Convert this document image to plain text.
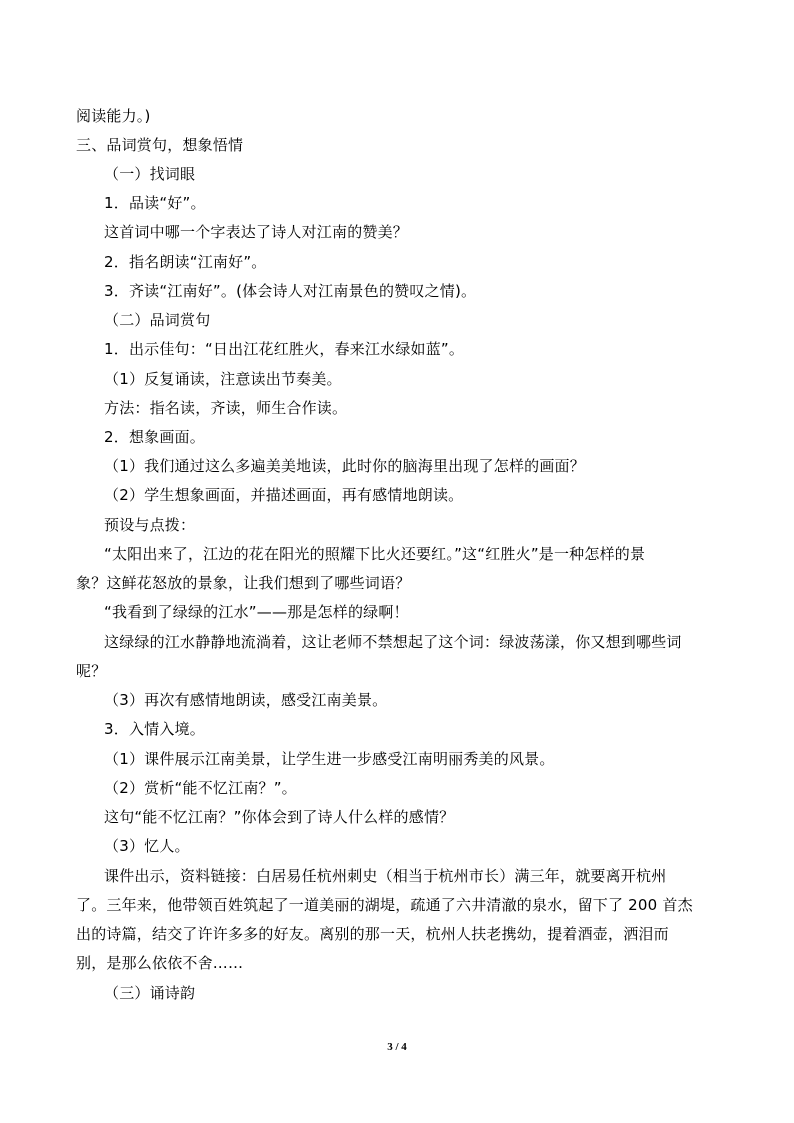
阅读能力。)

三、品词赏句，想象悟情

（一）找词眼

1．品读“好”。

这首词中哪一个字表达了诗人对江南的赞美？

2．指名朗读“江南好”。

3．齐读“江南好”。(体会诗人对江南景色的赞叹之情)。

（二）品词赏句

1．出示佳句：“日出江花红胜火，春来江水绿如蓝”。

（1）反复诵读，注意读出节奏美。

方法：指名读，齐读，师生合作读。

2．想象画面。

（1）我们通过这么多遍美美地读，此时你的脑海里出现了怎样的画面？

（2）学生想象画面，并描述画面，再有感情地朗读。

预设与点拨：

“太阳出来了，江边的花在阳光的照耀下比火还要红。”这“红胜火”是一种怎样的景

象？这鲜花怒放的景象，让我们想到了哪些词语？

“我看到了绿绿的江水”——那是怎样的绿啊！

这绿绿的江水静静地流淌着，这让老师不禁想起了这个词：绿波荡漾，你又想到哪些词

呢？

（3）再次有感情地朗读，感受江南美景。

3．入情入境。

（1）课件展示江南美景，让学生进一步感受江南明丽秀美的风景。

（2）赏析“能不忆江南？”。

这句“能不忆江南？”你体会到了诗人什么样的感情？

（3）忆人。

课件出示，资料链接：白居易任杭州刺史（相当于杭州市长）满三年，就要离开杭州

了。三年来，他带领百姓筑起了一道美丽的湖堤，疏通了六井清澈的泉水，留下了 200 首杰

出的诗篇，结交了许许多多的好友。离别的那一天，杭州人扶老携幼，提着酒壶，洒泪而

别，是那么依依不舍……

（三）诵诗韵

3 / 4
